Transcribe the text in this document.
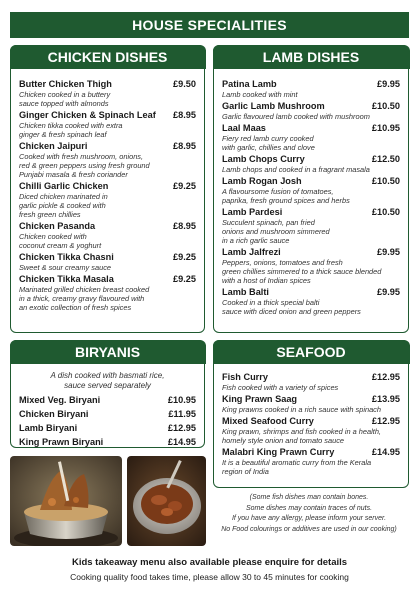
HOUSE SPECIALITIES
CHICKEN DISHES
Butter Chicken Thigh	£9.50
Chicken cooked in a buttery
sauce topped with almonds
Ginger Chicken & Spinach Leaf £8.95
Chicken tikka cooked with extra
ginger & fresh spinach leaf
Chicken Jaipuri	£8.95
Cooked with fresh mushroom, onions,
red & green peppers using fresh ground
Punjabi masala & fresh coriander
Chilli Garlic Chicken	£9.25
Diced chicken marinated in
garlic pickle & cooked with
fresh green chillies
Chicken Pasanda	£8.95
Chicken cooked with
coconut cream & yoghurt
Chicken Tikka Chasni	£9.25
Sweet & sour creamy sauce
Chicken Tikka Masala	£9.25
Marinated grilled chicken breast cooked
in a thick, creamy gravy flavoured with
an exotic collection of fresh spices
LAMB DISHES
Patina Lamb	£9.95
Lamb cooked with mint
Garlic Lamb Mushroom	£10.50
Garlic flavoured lamb cooked with mushroom
Laal Maas	£10.95
Fiery red lamb curry cooked
with garlic, chillies and clove
Lamb Chops Curry	£12.50
Lamb chops and cooked in a fragrant masala
Lamb Rogan Josh	£10.50
A flavoursome fusion of tomatoes,
paprika, fresh ground spices and herbs
Lamb Pardesi	£10.50
Succulent spinach, pan fried
onions and mushroom simmered
in a rich garlic sauce
Lamb Jalfrezi	£9.95
Peppers, onions, tomatoes and fresh
green chillies simmered to a thick sauce blended
with a host of Indian spices
Lamb Balti	£9.95
Cooked in a thick special balti
sauce with diced onion and green peppers
BIRYANIS
A dish cooked with basmati rice,
sauce served separately
Mixed Veg. Biryani	£10.95
Chicken Biryani	£11.95
Lamb Biryani	£12.95
King Prawn Biryani	£14.95
SEAFOOD
Fish Curry	£12.95
Fish cooked with a variety of spices
King Prawn Saag	£13.95
King prawns cooked in a rich sauce with spinach
Mixed Seafood Curry	£12.95
King prawn, shrimps and fish cooked in a health,
homely style onion and tomato sauce
Malabri King Prawn Curry	£14.95
It is a beautiful aromatic curry from the Kerala
region of India
(Some fish dishes man contain bones.
Some dishes may contain traces of nuts.
If you have any allergy, please inform your server.
No Food colourings or additives are used in our cooking)
Kids takeaway menu also available please enquire for details
Cooking quality food takes time, please allow 30 to 45 minutes for cooking
